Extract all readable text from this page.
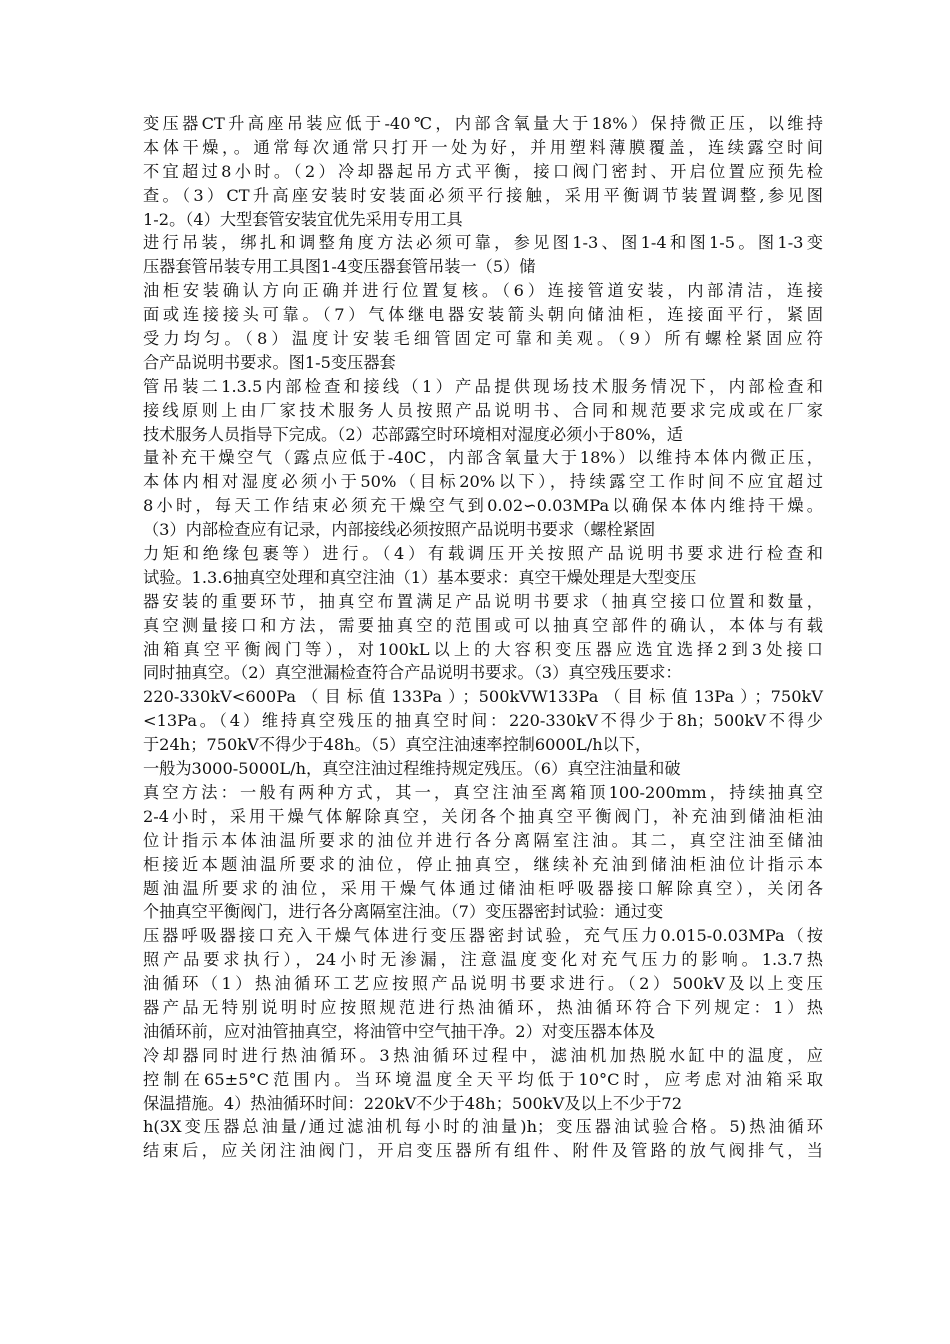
变压器CT升高座吊装应低于-40℃，内部含氧量大于18%）保持微正压，以维持
本体干燥，。通常每次通常只打开一处为好，并用塑料薄膜覆盖，连续露空时间
不宜超过8小时。（2）冷却器起吊方式平衡，接口阀门密封、开启位置应预先检
查。（3）CT升高座安装时安装面必须平行接触，采用平衡调节装置调整,参见图
1-2。（4）大型套管安装宜优先采用专用工具
进行吊装，绑扎和调整角度方法必须可靠，参见图1-3、图1-4和图1-5。图1-3变
压器套管吊装专用工具图1-4变压器套管吊装一（5）储
油柜安装确认方向正确并进行位置复核。（6）连接管道安装，内部清洁，连接
面或连接接头可靠。（7）气体继电器安装箭头朝向储油柜，连接面平行，紧固
受力均匀。（8）温度计安装毛细管固定可靠和美观。（9）所有螺栓紧固应符
合产品说明书要求。图1-5变压器套
管吊装二1.3.5内部检查和接线（1）产品提供现场技术服务情况下，内部检查和
接线原则上由厂家技术服务人员按照产品说明书、合同和规范要求完成或在厂家
技术服务人员指导下完成。（2）芯部露空时环境相对湿度必须小于80%，适
量补充干燥空气（露点应低于-40C，内部含氧量大于18%）以维持本体内微正压，
本体内相对湿度必须小于50%（目标20%以下），持续露空工作时间不应宜超过
8小时，每天工作结束必须充干燥空气到0.02∽0.03MPa以确保本体内维持干燥。
（3）内部检查应有记录，内部接线必须按照产品说明书要求（螺栓紧固
力矩和绝缘包裹等）进行。（4）有载调压开关按照产品说明书要求进行检查和
试验。1.3.6抽真空处理和真空注油（1）基本要求：真空干燥处理是大型变压
器安装的重要环节，抽真空布置满足产品说明书要求（抽真空接口位置和数量，
真空测量接口和方法，需要抽真空的范围或可以抽真空部件的确认，本体与有载
油箱真空平衡阀门等），对100kL以上的大容积变压器应选宜选择2到3处接口
同时抽真空。（2）真空泄漏检查符合产品说明书要求。（3）真空残压要求：
220-330kV<600Pa（目标值133Pa）；500kVW133Pa（目标值13Pa）；750kV
<13Pa。（4）维持真空残压的抽真空时间：220-330kV不得少于8h；500kV不得少
于24h；750kV不得少于48h。（5）真空注油速率控制6000L/h以下，
一般为3000-5000L/h，真空注油过程维持规定残压。（6）真空注油量和破
真空方法：一般有两种方式，其一，真空注油至离箱顶100-200mm，持续抽真空
2-4小时，采用干燥气体解除真空，关闭各个抽真空平衡阀门，补充油到储油柜油
位计指示本体油温所要求的油位并进行各分离隔室注油。其二，真空注油至储油
柜接近本题油温所要求的油位，停止抽真空，继续补充油到储油柜油位计指示本
题油温所要求的油位，采用干燥气体通过储油柜呼吸器接口解除真空），关闭各
个抽真空平衡阀门，进行各分离隔室注油。（7）变压器密封试验：通过变
压器呼吸器接口充入干燥气体进行变压器密封试验，充气压力0.015-0.03MPa（按
照产品要求执行），24小时无渗漏，注意温度变化对充气压力的影响。1.3.7热
油循环（1）热油循环工艺应按照产品说明书要求进行。（2）500kV及以上变压
器产品无特别说明时应按照规范进行热油循环，热油循环符合下列规定：1）热
油循环前，应对油管抽真空，将油管中空气抽干净。2）对变压器本体及
冷却器同时进行热油循环。3热油循环过程中，滤油机加热脱水缸中的温度，应
控制在65±5°C范围内。当环境温度全天平均低于10°C时，应考虑对油箱采取
保温措施。4）热油循环时间：220kV不少于48h；500kV及以上不少于72
h(3X变压器总油量/通过滤油机每小时的油量)h；变压器油试验合格。5)热油循环
结束后，应关闭注油阀门，开启变压器所有组件、附件及管路的放气阀排气，当
